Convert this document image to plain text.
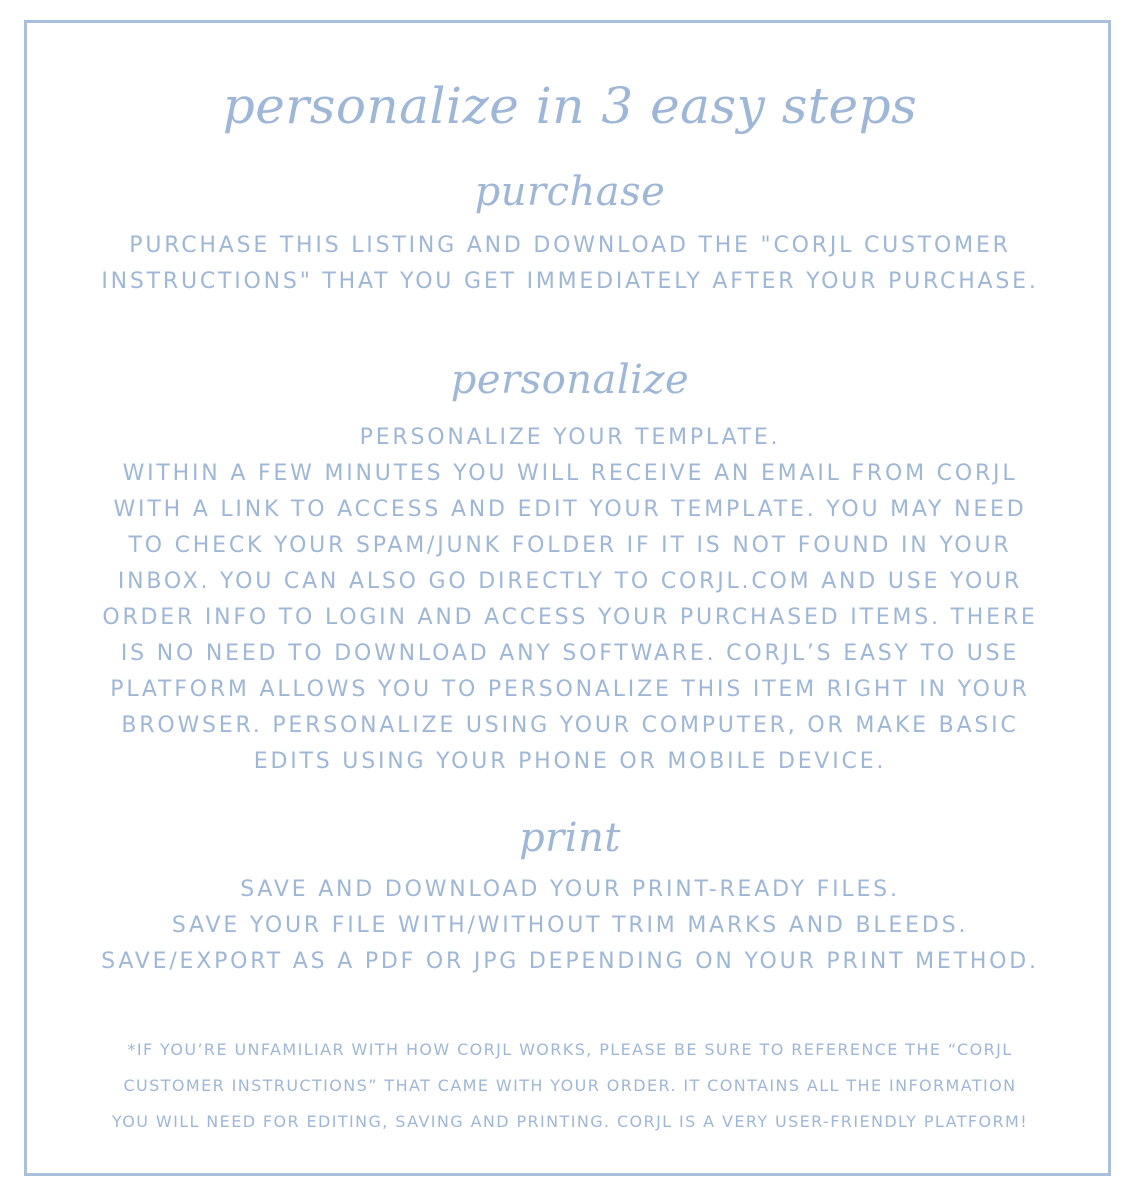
personalize in 3 easy steps
purchase
PURCHASE THIS LISTING AND DOWNLOAD THE "CORJL CUSTOMER
INSTRUCTIONS" THAT YOU GET IMMEDIATELY AFTER YOUR PURCHASE.
personalize
PERSONALIZE YOUR TEMPLATE.
WITHIN A FEW MINUTES YOU WILL RECEIVE AN EMAIL FROM CORJL
WITH A LINK TO ACCESS AND EDIT YOUR TEMPLATE. YOU MAY NEED
TO CHECK YOUR SPAM/JUNK FOLDER IF IT IS NOT FOUND IN YOUR
INBOX. YOU CAN ALSO GO DIRECTLY TO CORJL.COM AND USE YOUR
ORDER INFO TO LOGIN AND ACCESS YOUR PURCHASED ITEMS. THERE
IS NO NEED TO DOWNLOAD ANY SOFTWARE. CORJL’S EASY TO USE
PLATFORM ALLOWS YOU TO PERSONALIZE THIS ITEM RIGHT IN YOUR
BROWSER. PERSONALIZE USING YOUR COMPUTER, OR MAKE BASIC
EDITS USING YOUR PHONE OR MOBILE DEVICE.
print
SAVE AND DOWNLOAD YOUR PRINT-READY FILES.
SAVE YOUR FILE WITH/WITHOUT TRIM MARKS AND BLEEDS.
SAVE/EXPORT AS A PDF OR JPG DEPENDING ON YOUR PRINT METHOD.
*IF YOU’RE UNFAMILIAR WITH HOW CORJL WORKS, PLEASE BE SURE TO REFERENCE THE “CORJL
CUSTOMER INSTRUCTIONS” THAT CAME WITH YOUR ORDER. IT CONTAINS ALL THE INFORMATION
YOU WILL NEED FOR EDITING, SAVING AND PRINTING. CORJL IS A VERY USER-FRIENDLY PLATFORM!
